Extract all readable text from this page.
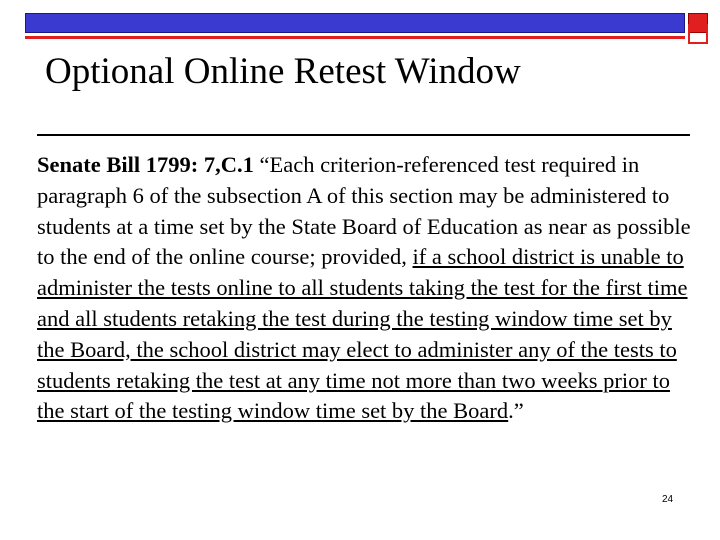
Optional Online Retest Window

Senate Bill 1799: 7,C.1 “Each criterion-referenced test required in paragraph 6 of the subsection A of this section may be administered to students at a time set by the State Board of Education as near as possible to the end of the online course; provided, if a school district is unable to administer the tests online to all students taking the test for the first time and all students retaking the test during the testing window time set by the Board, the school district may elect to administer any of the tests to students retaking the test at any time not more than two weeks prior to the start of the testing window time set by the Board.”

24
